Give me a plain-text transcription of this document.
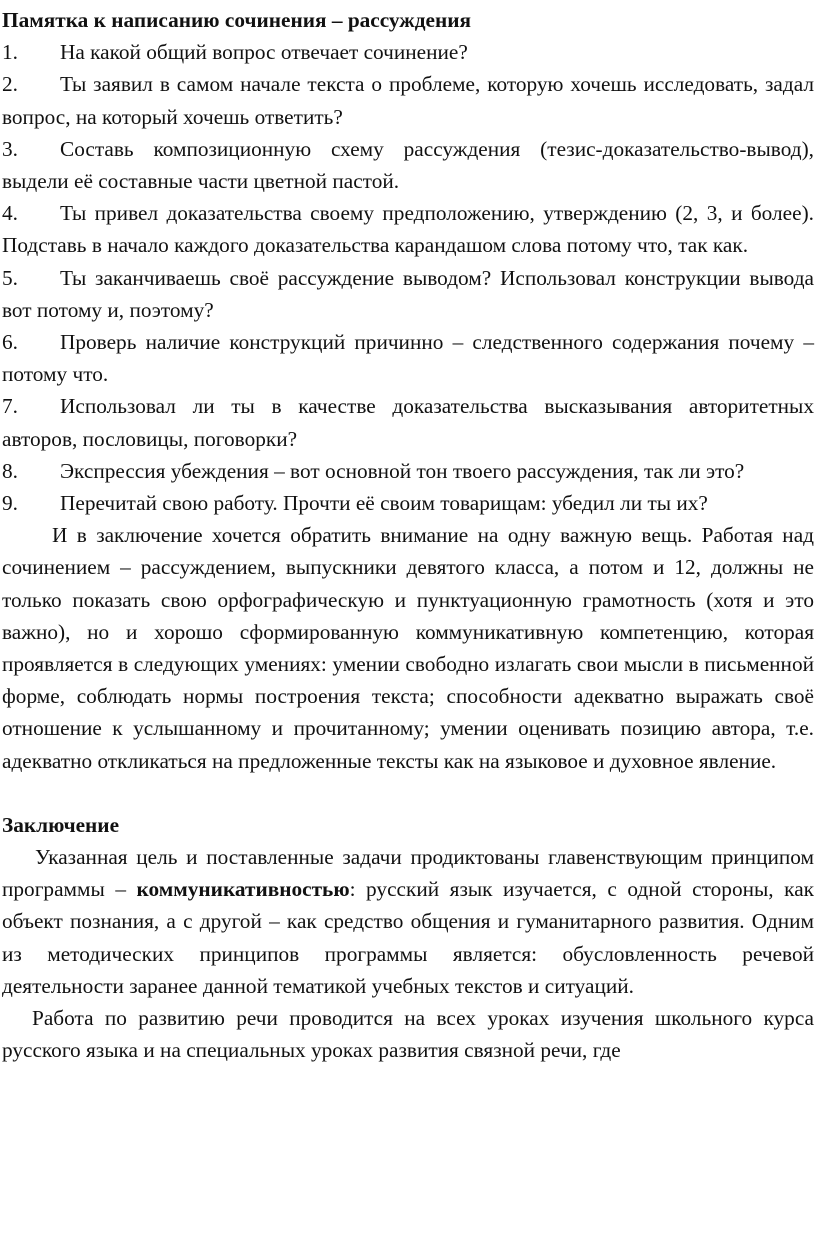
Памятка к написанию сочинения – рассуждения

1. На какой общий вопрос отвечает сочинение?

2. Ты заявил в самом начале текста о проблеме, которую хочешь исследовать, задал вопрос, на который хочешь ответить?

3. Составь композиционную схему рассуждения (тезис-доказательство-вывод), выдели её составные части цветной пастой.

4. Ты привел доказательства своему предположению, утверждению (2, 3, и более). Подставь в начало каждого доказательства карандашом слова потому что, так как.

5. Ты заканчиваешь своё рассуждение выводом? Использовал конструкции вывода вот потому и, поэтому?

6. Проверь наличие конструкций причинно – следственного содержания почему – потому что.

7. Использовал ли ты в качестве доказательства высказывания авторитетных авторов, пословицы, поговорки?

8. Экспрессия убеждения – вот основной тон твоего рассуждения, так ли это?

9. Перечитай свою работу. Прочти её своим товарищам: убедил ли ты их?

И в заключение хочется обратить внимание на одну важную вещь. Работая над сочинением – рассуждением, выпускники девятого класса, а потом и 12, должны не только показать свою орфографическую и пунктуационную грамотность (хотя и это важно), но и хорошо сформированную коммуникативную компетенцию, которая проявляется в следующих умениях: умении свободно излагать свои мысли в письменной форме, соблюдать нормы построения текста; способности адекватно выражать своё отношение к услышанному и прочитанному; умении оценивать позицию автора, т.е. адекватно откликаться на предложенные тексты как на языковое и духовное явление.

Заключение

Указанная цель и поставленные задачи продиктованы главенствующим принципом программы – коммуникативностью: русский язык изучается, с одной стороны, как объект познания, а с другой – как средство общения и гуманитарного развития. Одним из методических принципов программы является: обусловленность речевой деятельности заранее данной тематикой учебных текстов и ситуаций.

Работа по развитию речи проводится на всех уроках изучения школьного курса русского языка и на специальных уроках развития связной речи, где
